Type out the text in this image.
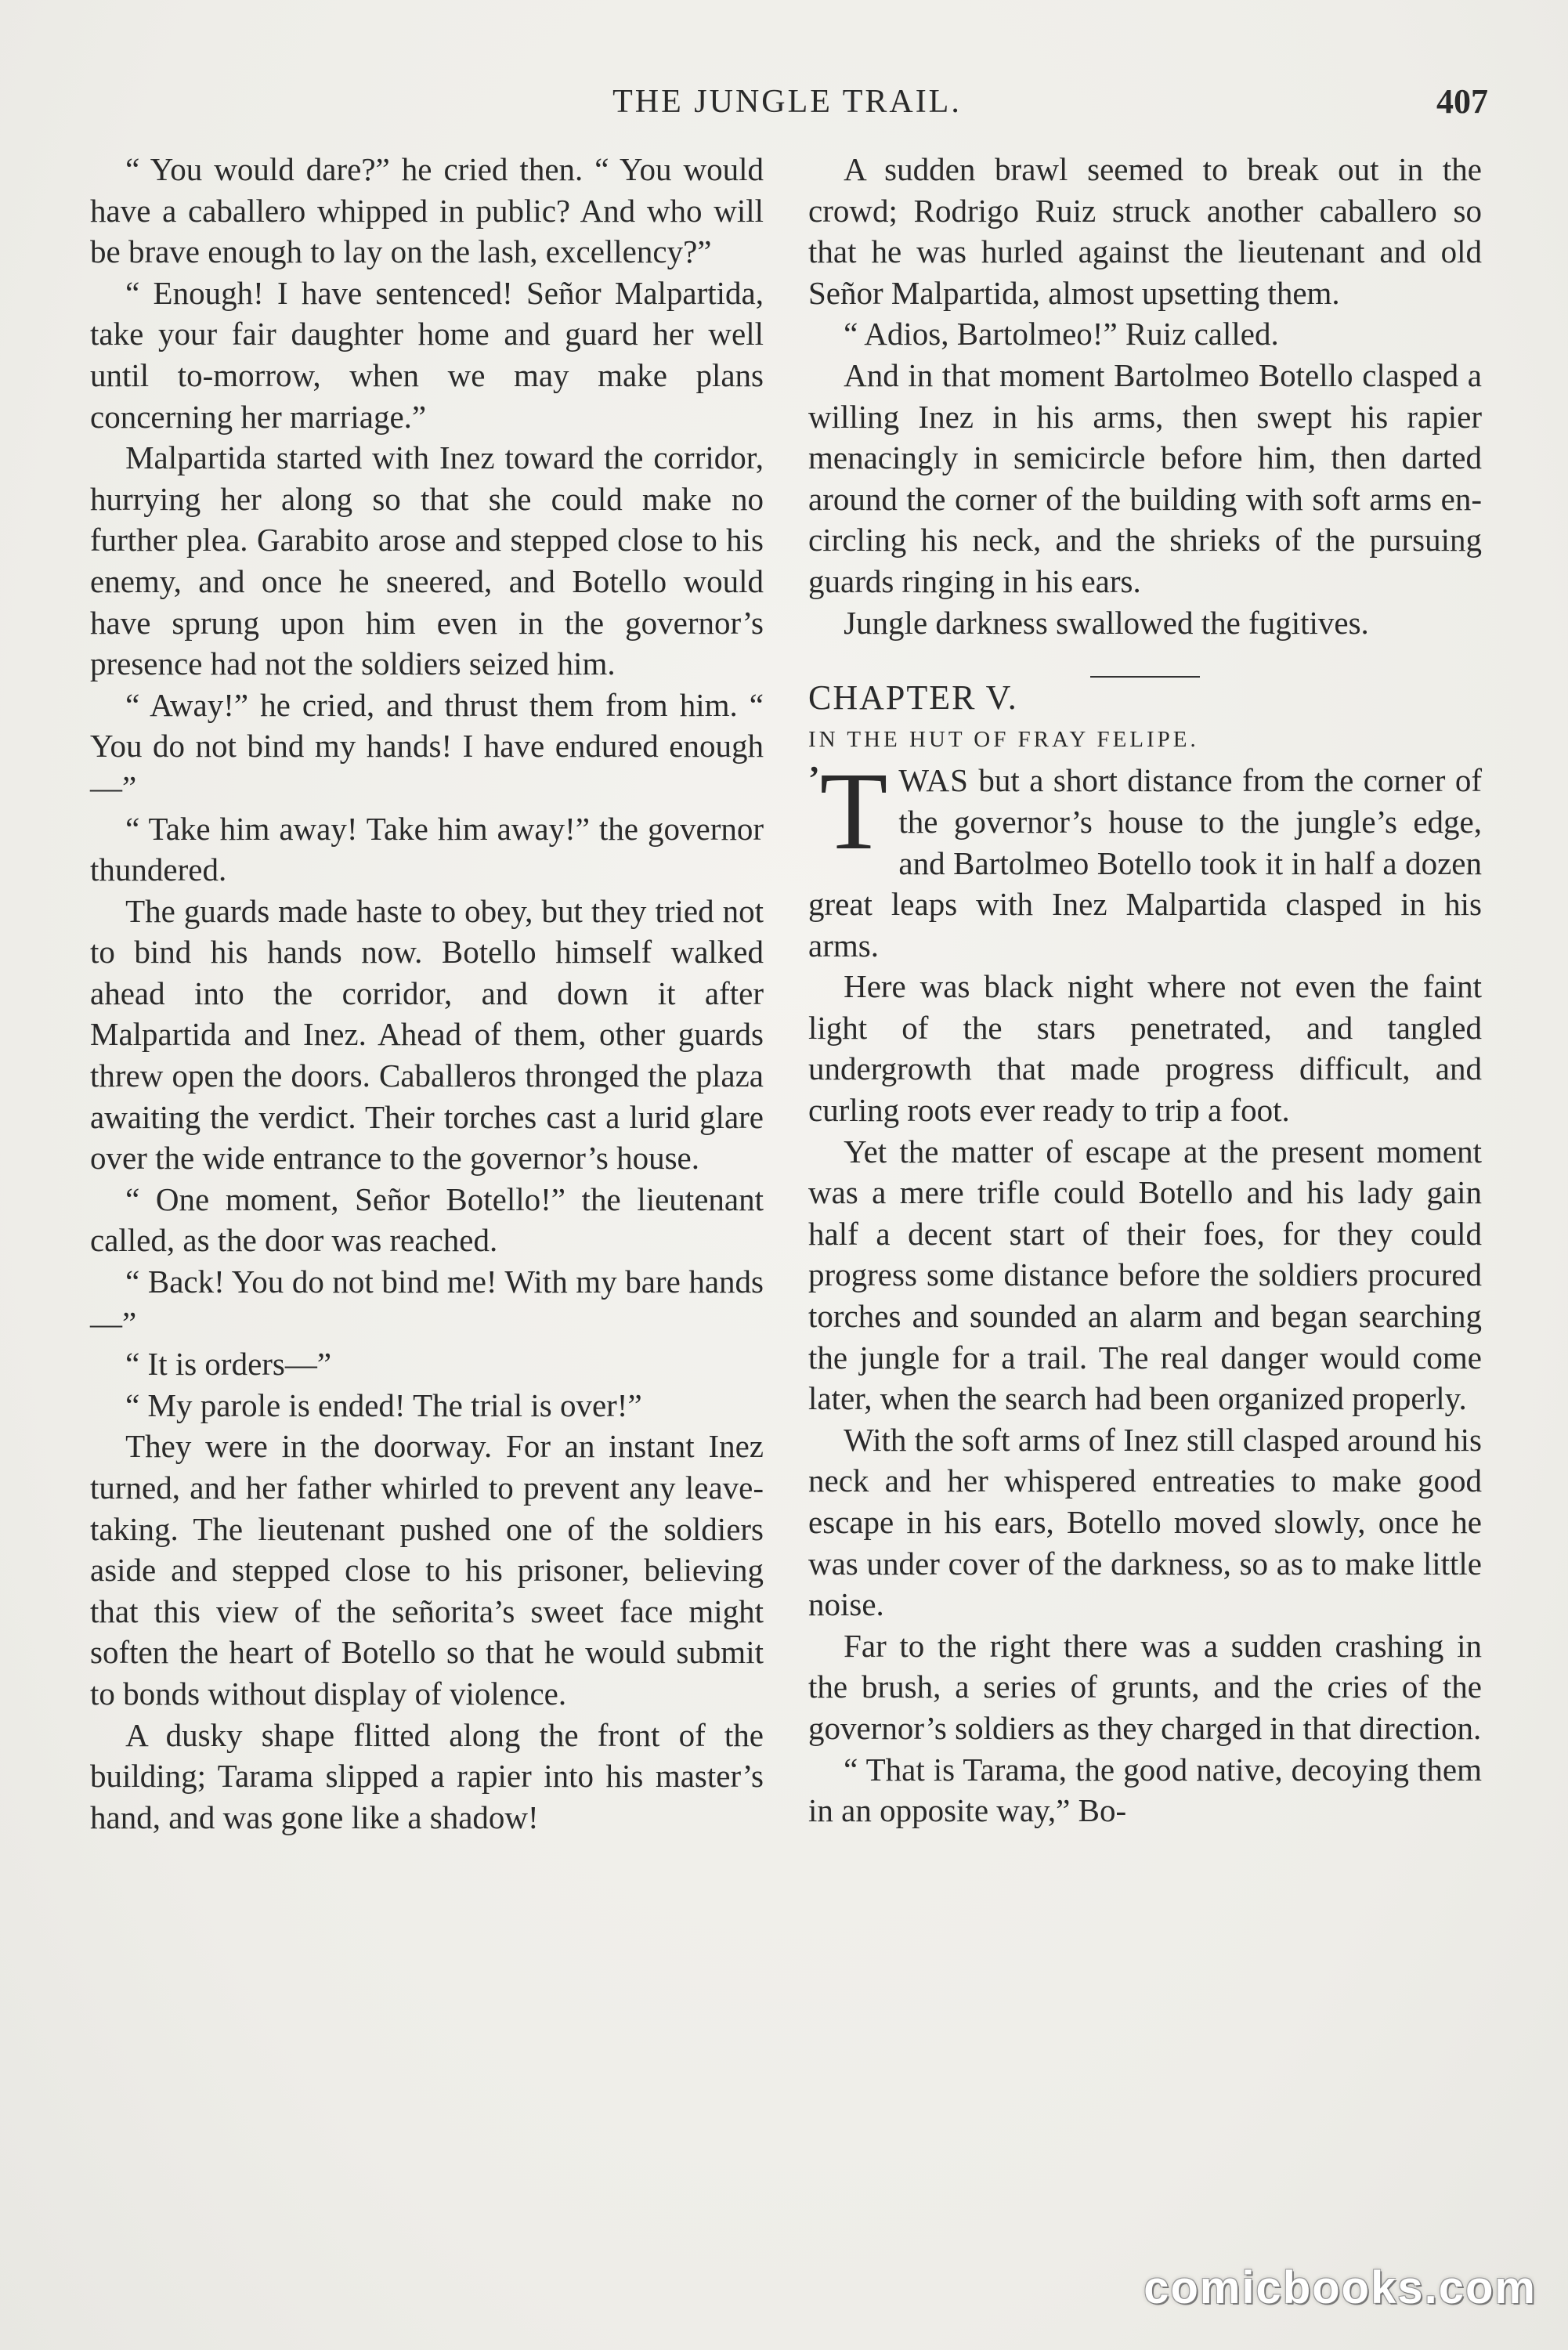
THE JUNGLE TRAIL.	407

“ You would dare?” he cried then. “ You would have a caballero whipped in public? And who will be brave enough to lay on the lash, excellency?”

“ Enough! I have sentenced! Señor Malpartida, take your fair daughter home and guard her well until to-morrow, when we may make plans concerning her marriage.”

Malpartida started with Inez toward the corridor, hurrying her along so that she could make no further plea. Garabito arose and stepped close to his enemy, and once he sneered, and Botello would have sprung upon him even in the governor’s presence had not the soldiers seized him.

“ Away!” he cried, and thrust them from him. “ You do not bind my hands! I have endured enough—”

“ Take him away! Take him away!” the governor thundered.

The guards made haste to obey, but they tried not to bind his hands now. Botello himself walked ahead into the corridor, and down it after Malpartida and Inez. Ahead of them, other guards threw open the doors. Caballeros thronged the plaza awaiting the verdict. Their torches cast a lurid glare over the wide entrance to the governor’s house.

“ One moment, Señor Botello!” the lieutenant called, as the door was reached.

“ Back! You do not bind me! With my bare hands—”

“ It is orders—”

“ My parole is ended! The trial is over!”

They were in the doorway. For an instant Inez turned, and her father whirled to prevent any leave-taking. The lieutenant pushed one of the soldiers aside and stepped close to his prisoner, believing that this view of the señorita’s sweet face might soften the heart of Botello so that he would submit to bonds without display of violence.

A dusky shape flitted along the front of the building; Tarama slipped a rapier into his master’s hand, and was gone like a shadow!

A sudden brawl seemed to break out in the crowd; Rodrigo Ruiz struck another caballero so that he was hurled against the lieutenant and old Señor Malpartida, almost upsetting them.

“ Adios, Bartolmeo!” Ruiz called.

And in that moment Bartolmeo Botello clasped a willing Inez in his arms, then swept his rapier menacingly in semicircle before him, then darted around the corner of the building with soft arms encircling his neck, and the shrieks of the pursuing guards ringing in his ears.

Jungle darkness swallowed the fugitives.

CHAPTER V.

IN THE HUT OF FRAY FELIPE.

’ T WAS but a short distance from the corner of the governor’s house to the jungle’s edge, and Bartolmeo Botello took it in half a dozen great leaps with Inez Malpartida clasped in his arms.

Here was black night where not even the faint light of the stars penetrated, and tangled undergrowth that made progress difficult, and curling roots ever ready to trip a foot.

Yet the matter of escape at the present moment was a mere trifle could Botello and his lady gain half a decent start of their foes, for they could progress some distance before the soldiers procured torches and sounded an alarm and began searching the jungle for a trail. The real danger would come later, when the search had been organized properly.

With the soft arms of Inez still clasped around his neck and her whispered entreaties to make good escape in his ears, Botello moved slowly, once he was under cover of the darkness, so as to make little noise.

Far to the right there was a sudden crashing in the brush, a series of grunts, and the cries of the governor’s soldiers as they charged in that direction.

“ That is Tarama, the good native, decoying them in an opposite way,” Bo-

comicbooks.com
